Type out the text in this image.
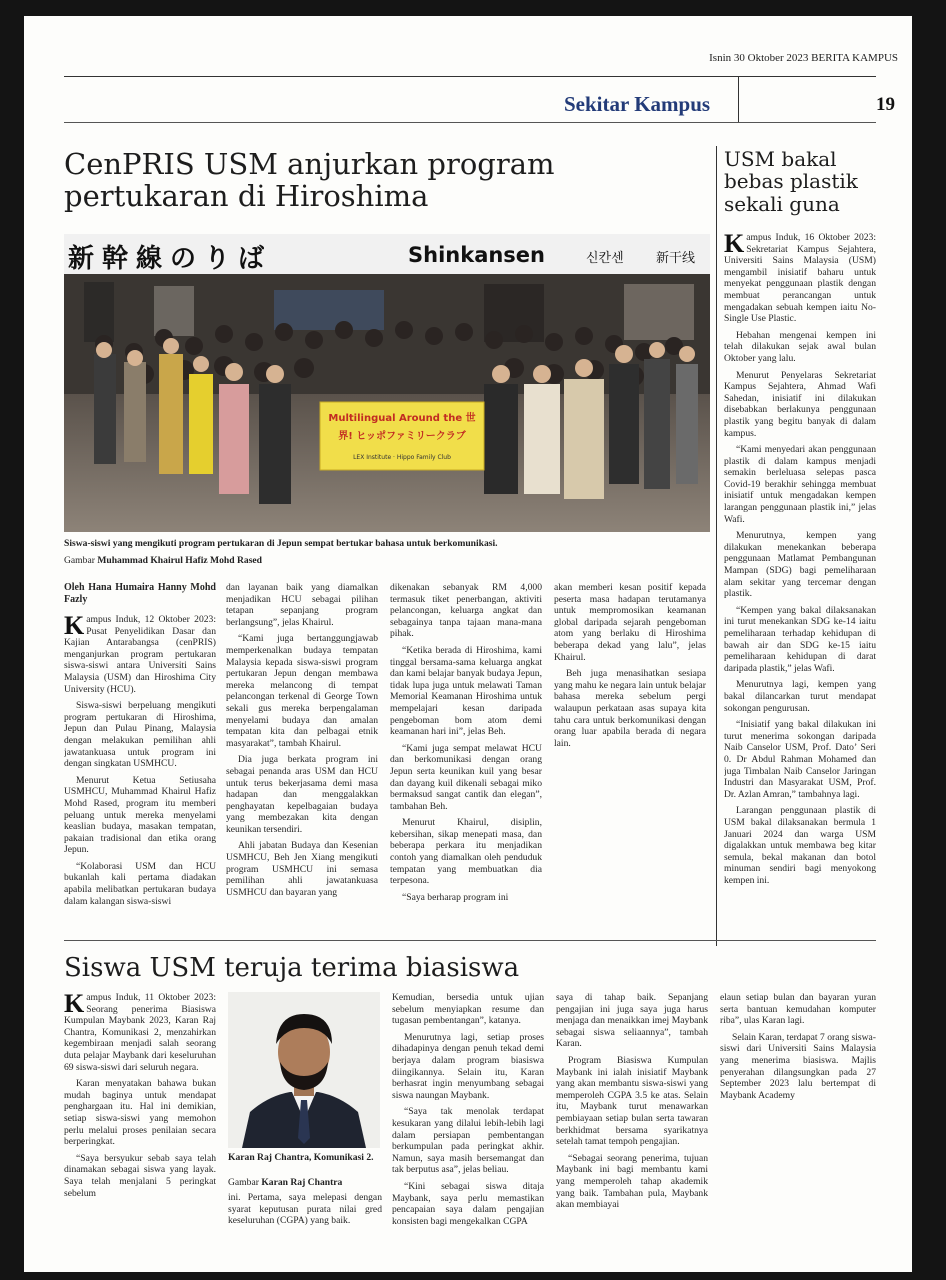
Isnin 30 Oktober 2023 BERITA KAMPUS
Sekitar Kampus	19
CenPRIS USM anjurkan program pertukaran di Hiroshima
新幹線のりば	Shinkansen	신칸센 新干线
Multilingual Around the 世界! ヒッポファミリークラブ
LEX Institute · Hippo Family Club
Siswa-siswi yang mengikuti program pertukaran di Jepun sempat bertukar bahasa untuk berkomunikasi.
Gambar Muhammad Khairul Hafiz Mohd Rased
Oleh Hana Humaira Hanny Mohd Fazly

Kampus Induk, 12 Oktober 2023: Pusat Penyelidikan Dasar dan Kajian Antarabangsa (cenPRIS) menganjurkan program pertukaran siswa-siswi antara Universiti Sains Malaysia (USM) dan Hiroshima City University (HCU).

Siswa-siswi berpeluang mengikuti program pertukaran di Hiroshima, Jepun dan Pulau Pinang, Malaysia dengan melakukan pemilihan ahli jawatankuasa untuk program ini dengan singkatan USMHCU.

Menurut Ketua Setiusaha USMHCU, Muhammad Khairul Hafiz Mohd Rased, program itu memberi peluang untuk mereka menyelami keaslian budaya, masakan tempatan, pakaian tradisional dan etika orang Jepun.

“Kolaborasi USM dan HCU bukanlah kali pertama diadakan apabila melibatkan pertukaran budaya dalam kalangan siswa-siswi

dan layanan baik yang diamalkan menjadikan HCU sebagai pilihan tetapan sepanjang program berlangsung”, jelas Khairul.

“Kami juga bertanggungjawab memperkenalkan budaya tempatan Malaysia kepada siswa-siswi program pertukaran Jepun dengan membawa mereka melancong di tempat pelancongan terkenal di George Town sekali gus mereka berpengalaman menyelami budaya dan amalan tempatan kita dan pelbagai etnik masyarakat”, tambah Khairul.

Dia juga berkata program ini sebagai penanda aras USM dan HCU untuk terus bekerjasama demi masa hadapan dan menggalakkan penghayatan kepelbagaian budaya yang membezakan kita dengan keunikan tersendiri.

Ahli jabatan Budaya dan Kesenian USMHCU, Beh Jen Xiang mengikuti program USMHCU ini semasa pemilihan ahli jawatankuasa USMHCU dan bayaran yang

dikenakan sebanyak RM 4,000 termasuk tiket penerbangan, aktiviti pelancongan, keluarga angkat dan sebagainya tanpa tajaan mana-mana pihak.

“Ketika berada di Hiroshima, kami tinggal bersama-sama keluarga angkat dan kami belajar banyak budaya Jepun, tidak lupa juga untuk melawati Taman Memorial Keamanan Hiroshima untuk mempelajari kesan daripada pengeboman bom atom demi keamanan hari ini”, jelas Beh.

“Kami juga sempat melawat HCU dan berkomunikasi dengan orang Jepun serta keunikan kuil yang besar dan dayang kuil dikenali sebagai miko bermaksud sangat cantik dan elegan”, tambahan Beh.

Menurut Khairul, disiplin, kebersihan, sikap menepati masa, dan beberapa perkara itu menjadikan contoh yang diamalkan oleh penduduk tempatan yang membuatkan dia terpesona.

“Saya berharap program ini

akan memberi kesan positif kepada peserta masa hadapan terutamanya untuk mempromosikan keamanan global daripada sejarah pengeboman atom yang berlaku di Hiroshima beberapa dekad yang lalu”, jelas Khairul.

Beh juga menasihatkan sesiapa yang mahu ke negara lain untuk belajar bahasa mereka sebelum pergi walaupun perkataan asas supaya kita tahu cara untuk berkomunikasi dengan orang luar apabila berada di negara lain.

USM bakal bebas plastik sekali guna

Kampus Induk, 16 Oktober 2023: Sekretariat Kampus Sejahtera, Universiti Sains Malaysia (USM) mengambil inisiatif baharu untuk menyekat penggunaan plastik dengan membuat perancangan untuk mengadakan sebuah kempen iaitu No-Single Use Plastic.

Hebahan mengenai kempen ini telah dilakukan sejak awal bulan Oktober yang lalu.

Menurut Penyelaras Sekretariat Kampus Sejahtera, Ahmad Wafi Sahedan, inisiatif ini dilakukan disebabkan berlakunya penggunaan plastik yang begitu banyak di dalam kampus.

“Kami menyedari akan penggunaan plastik di dalam kampus menjadi semakin berleluasa selepas pasca Covid-19 berakhir sehingga membuat inisiatif untuk mengadakan kempen larangan penggunaan plastik ini,” jelas Wafi.

Menurutnya, kempen yang dilakukan menekankan beberapa penggunaan Matlamat Pembangunan Mampan (SDG) bagi pemeliharaan alam sekitar yang tercemar dengan plastik.

“Kempen yang bakal dilaksanakan ini turut menekankan SDG ke-14 iaitu pemeliharaan terhadap kehidupan di bawah air dan SDG ke-15 iaitu pemeliharaan kehidupan di darat daripada plastik,” jelas Wafi.

Menurutnya lagi, kempen yang bakal dilancarkan turut mendapat sokongan pengurusan.

“Inisiatif yang bakal dilakukan ini turut menerima sokongan daripada Naib Canselor USM, Prof. Dato’ Seri 0. Dr Abdul Rahman Mohamed dan juga Timbalan Naib Canselor Jaringan Industri dan Masyarakat USM, Prof. Dr. Azlan Amran,” tambahnya lagi.

Larangan penggunaan plastik di USM bakal dilaksanakan bermula 1 Januari 2024 dan warga USM digalakkan untuk membawa beg kitar semula, bekal makanan dan botol minuman sendiri bagi menyokong kempen ini.

Siswa USM teruja terima biasiswa

Kampus Induk, 11 Oktober 2023: Seorang penerima Biasiswa Kumpulan Maybank 2023, Karan Raj Chantra, Komunikasi 2, menzahirkan kegembiraan menjadi salah seorang duta pelajar Maybank dari keseluruhan 69 siswa-siswi dari seluruh negara.

Karan menyatakan bahawa bukan mudah baginya untuk mendapat penghargaan itu. Hal ini demikian, setiap siswa-siswi yang memohon perlu melalui proses penilaian secara berperingkat.

“Saya bersyukur sebab saya telah dinamakan sebagai siswa yang layak. Saya telah menjalani 5 peringkat sebelum

Karan Raj Chantra, Komunikasi 2.
Gambar Karan Raj Chantra

ini. Pertama, saya melepasi dengan syarat keputusan purata nilai gred keseluruhan (CGPA) yang baik.

Kemudian, bersedia untuk ujian sebelum menyiapkan resume dan tugasan pembentangan”, katanya.

Menurutnya lagi, setiap proses dihadapinya dengan penuh tekad demi berjaya dalam program biasiswa diingikannya. Selain itu, Karan berhasrat ingin menyumbang sebagai siswa naungan Maybank.

“Saya tak menolak terdapat kesukaran yang dilalui lebih-lebih lagi dalam persiapan pembentangan berkumpulan pada peringkat akhir. Namun, saya masih bersemangat dan tak berputus asa”, jelas beliau.

“Kini sebagai siswa ditaja Maybank, saya perlu memastikan pencapaian saya dalam pengajian konsisten bagi mengekalkan CGPA

saya di tahap baik. Sepanjang pengajian ini juga saya juga harus menjaga dan menaikkan imej Maybank sebagai siswa seliaannya”, tambah Karan.

Program Biasiswa Kumpulan Maybank ini ialah inisiatif Maybank yang akan membantu siswa-siswi yang memperoleh CGPA 3.5 ke atas. Selain itu, Maybank turut menawarkan pembiayaan setiap bulan serta tawaran berkhidmat bersama syarikatnya setelah tamat tempoh pengajian.

“Sebagai seorang penerima, tujuan Maybank ini bagi membantu kami yang memperoleh tahap akademik yang baik. Tambahan pula, Maybank akan membiayai

elaun setiap bulan dan bayaran yuran serta bantuan kemudahan komputer riba”, ulas Karan lagi.

Selain Karan, terdapat 7 orang siswa-siswi dari Universiti Sains Malaysia yang menerima biasiswa. Majlis penyerahan dilangsungkan pada 27 September 2023 lalu bertempat di Maybank Academy
